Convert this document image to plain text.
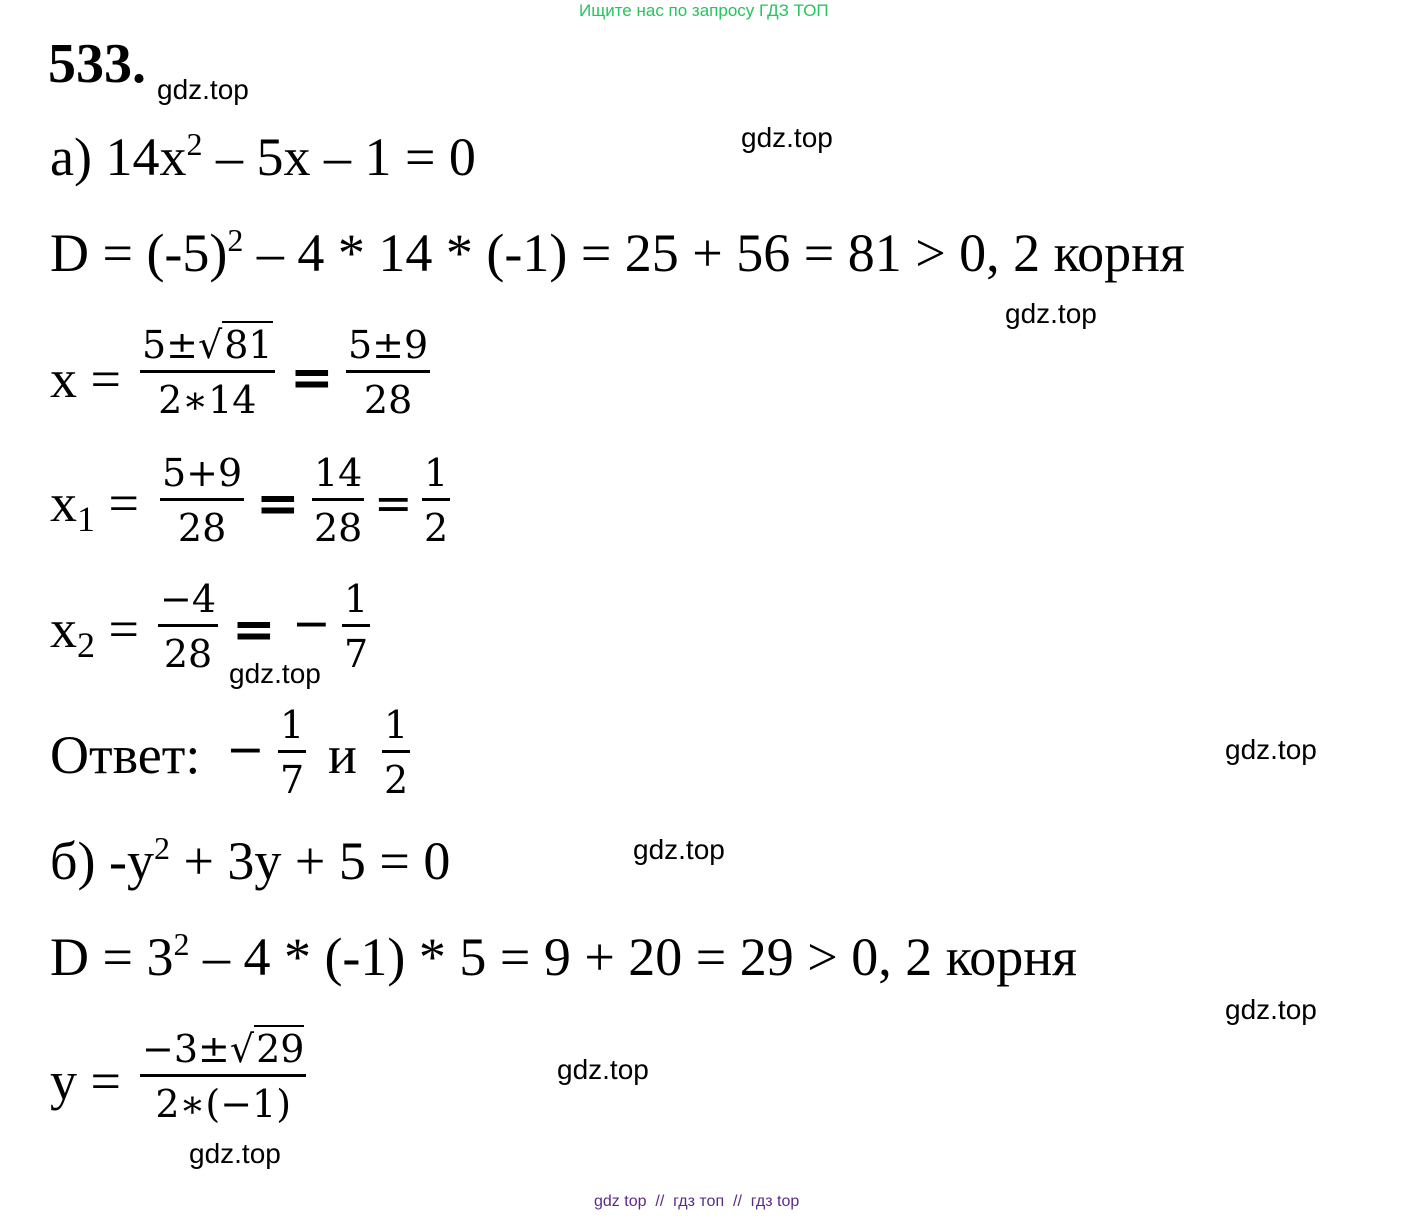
Ищите нас по запросу ГДЗ ТОП
533. gdz.top
gdz.top
gdz.top
gdz.top
gdz.top
gdz.top
gdz.top
gdz.top
gdz.top
а) $14x^2 - 5x - 1 = 0$
$D = (-5)^2 - 4 * 14 * (-1) = 25 + 56 = 81 > 0$, 2 корня
x =
5±√81
2∗14 =
5±9
28
$x_1 = 5+9$
28 =
14
28 =
1
2
$x_2 = -4$
28 = − 1
7
Ответ: − 1
7 и 1
2
б) $-y^2 + 3y + 5 = 0$
$D = 3^2 - 4 * (-1) * 5 = 9 + 20 = 29 > 0$, 2 корня
y =
−3±√29
2∗(−1)
gdz top  //  гдз топ  //  гдз top
